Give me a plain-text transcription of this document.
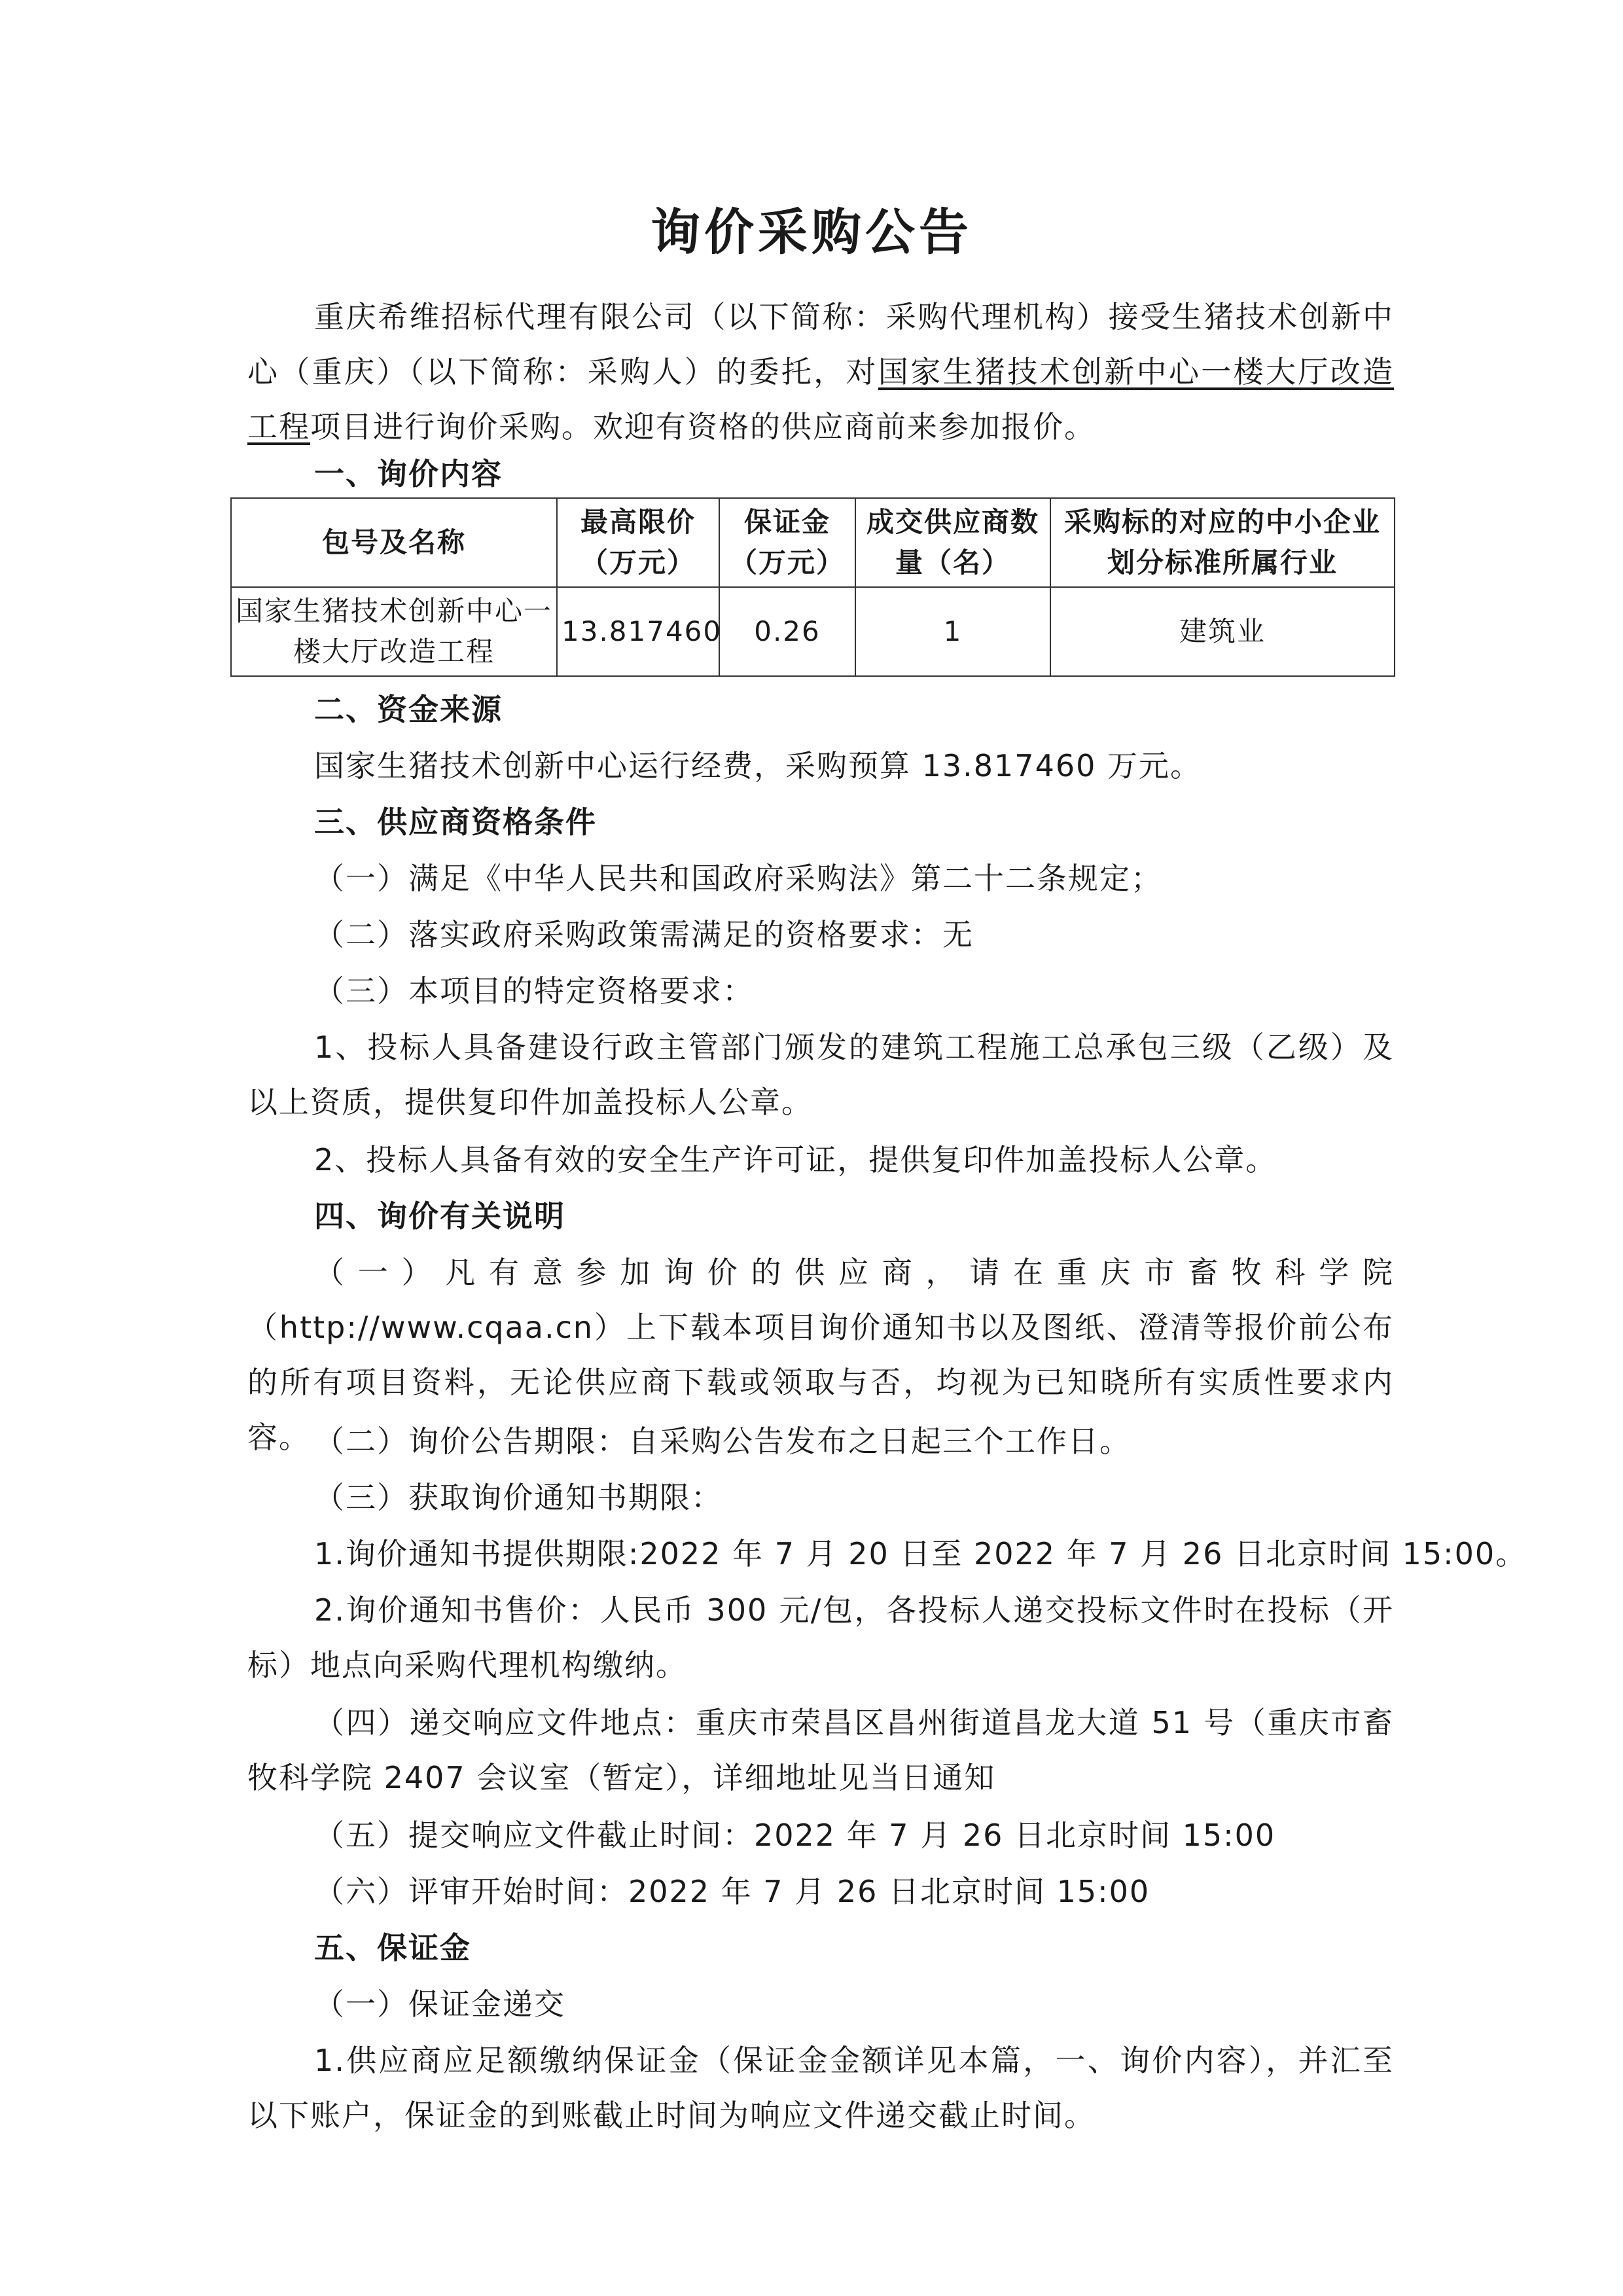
询价采购公告

重庆希维招标代理有限公司（以下简称：采购代理机构）接受生猪技术创新中心（重庆）（以下简称：采购人）的委托，对国家生猪技术创新中心一楼大厅改造工程项目进行询价采购。欢迎有资格的供应商前来参加报价。

一、询价内容
包号及名称	最高限价（万元）	保证金（万元）	成交供应商数量（名）	采购标的对应的中小企业划分标准所属行业
国家生猪技术创新中心一楼大厅改造工程	13.817460	0.26	1	建筑业
二、资金来源
国家生猪技术创新中心运行经费，采购预算 13.817460 万元。
三、供应商资格条件
（一）满足《中华人民共和国政府采购法》第二十二条规定；
（二）落实政府采购政策需满足的资格要求：无
（三）本项目的特定资格要求：

1、投标人具备建设行政主管部门颁发的建筑工程施工总承包三级（乙级）及以上资质，提供复印件加盖投标人公章。

2、投标人具备有效的安全生产许可证，提供复印件加盖投标人公章。

四、询价有关说明

（一）凡有意参加询价的供应商，请在重庆市畜牧科学院（http://www.cqaa.cn）上下载本项目询价通知书以及图纸、澄清等报价前公布的所有项目资料，无论供应商下载或领取与否，均视为已知晓所有实质性要求内容。 （二）询价公告期限：自采购公告发布之日起三个工作日。
（三）获取询价通知书期限：
1.询价通知书提供期限:2022 年 7 月 20 日至 2022 年 7 月 26 日北京时间 15:00。

2.询价通知书售价：人民币 300 元/包，各投标人递交投标文件时在投标（开标）地点向采购代理机构缴纳。

（四）递交响应文件地点：重庆市荣昌区昌州街道昌龙大道 51 号（重庆市畜牧科学院 2407 会议室（暂定），详细地址见当日通知

（五）提交响应文件截止时间：2022 年 7 月 26 日北京时间 15:00
（六）评审开始时间：2022 年 7 月 26 日北京时间 15:00
五、保证金
（一）保证金递交

1.供应商应足额缴纳保证金（保证金金额详见本篇，一、询价内容），并汇至以下账户，保证金的到账截止时间为响应文件递交截止时间。
